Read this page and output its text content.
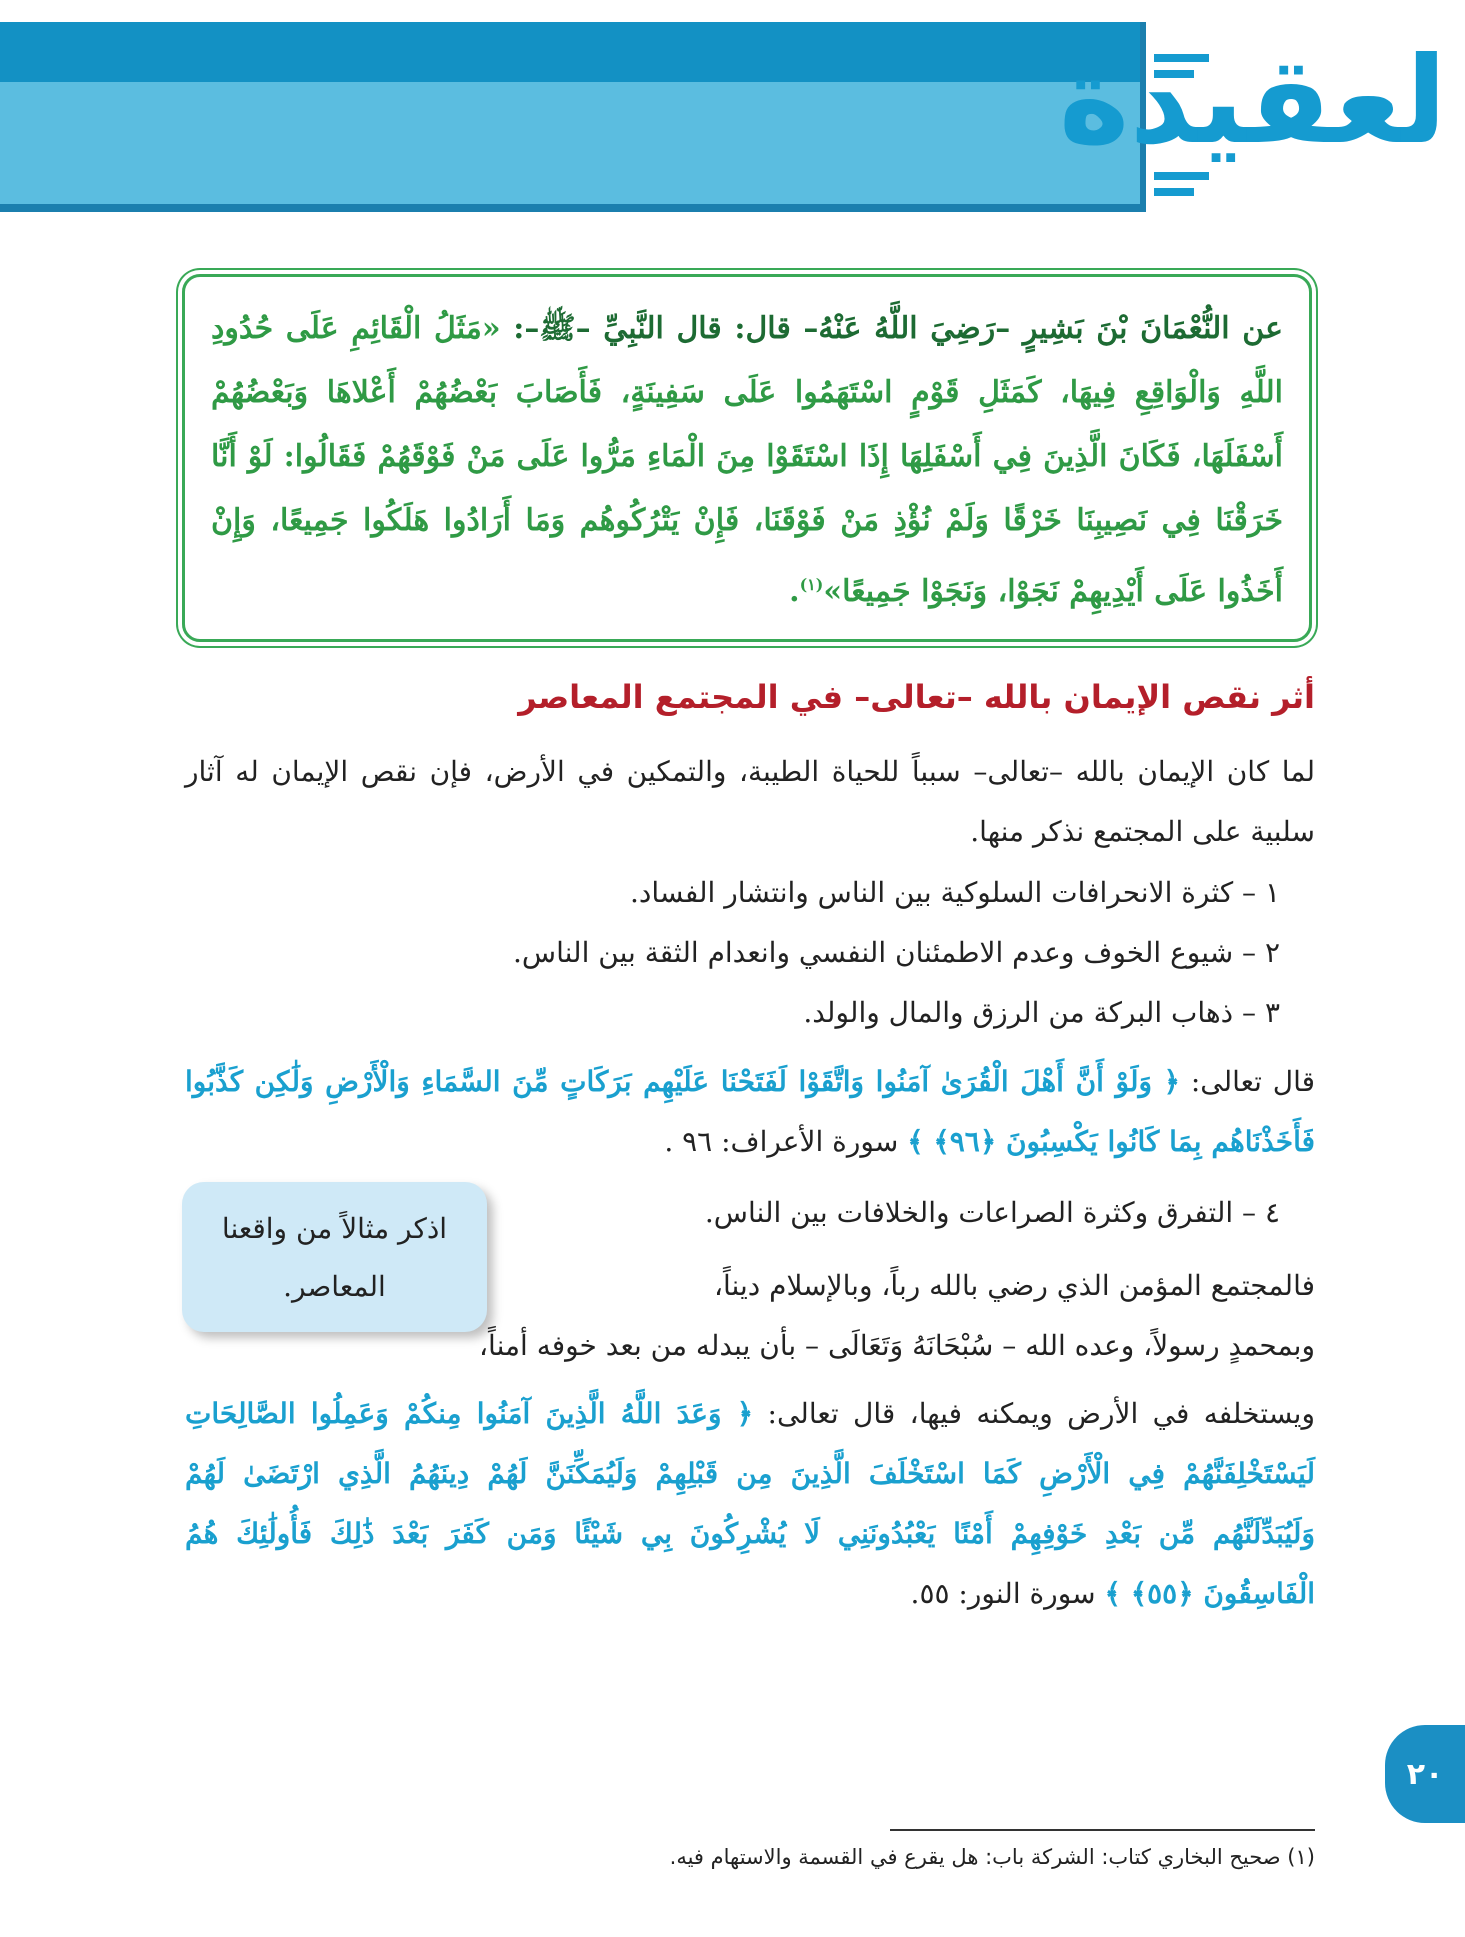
لعقيدة
عن النُّعْمَانَ بْنَ بَشِيرٍ –رَضِيَ اللَّهُ عَنْهُ– قال: قال النَّبِيِّ –ﷺ–: «مَثَلُ الْقَائِمِ عَلَى حُدُودِ اللَّهِ وَالْوَاقِعِ فِيهَا، كَمَثَلِ قَوْمٍ اسْتَهَمُوا عَلَى سَفِينَةٍ، فَأَصَابَ بَعْضُهُمْ أَعْلاهَا وَبَعْضُهُمْ أَسْفَلَهَا، فَكَانَ الَّذِينَ فِي أَسْفَلِهَا إِذَا اسْتَقَوْا مِنَ الْمَاءِ مَرُّوا عَلَى مَنْ فَوْقَهُمْ فَقَالُوا: لَوْ أَنَّا خَرَقْنَا فِي نَصِيبِنَا خَرْقًا وَلَمْ نُؤْذِ مَنْ فَوْقَنَا، فَإِنْ يَتْرُكُوهُم وَمَا أَرَادُوا هَلَكُوا جَمِيعًا، وَإِنْ أَخَذُوا عَلَى أَيْدِيهِمْ نَجَوْا، وَنَجَوْا جَمِيعًا»$^{(١)}$.
أثر نقص الإيمان بالله –تعالى– في المجتمع المعاصر
لما كان الإيمان بالله –تعالى– سبباً للحياة الطيبة، والتمكين في الأرض، فإن نقص الإيمان له آثار سلبية على المجتمع نذكر منها.
١ – كثرة الانحرافات السلوكية بين الناس وانتشار الفساد.
٢ – شيوع الخوف وعدم الاطمئنان النفسي وانعدام الثقة بين الناس.
٣ – ذهاب البركة من الرزق والمال والولد.
قال تعالى: ﴿ وَلَوْ أَنَّ أَهْلَ الْقُرَىٰ آمَنُوا وَاتَّقَوْا لَفَتَحْنَا عَلَيْهِم بَرَكَاتٍ مِّنَ السَّمَاءِ وَالْأَرْضِ وَلَٰكِن كَذَّبُوا فَأَخَذْنَاهُم بِمَا كَانُوا يَكْسِبُونَ ﴿٩٦﴾ ﴾ سورة الأعراف: ٩٦ .
٤ – التفرق وكثرة الصراعات والخلافات بين الناس.
اذكر مثالاً من واقعنا المعاصر.	فالمجتمع المؤمن الذي رضي بالله رباً، وبالإسلام ديناً،
وبمحمدٍ رسولاً، وعده الله – سُبْحَانَهُ وَتَعَالَى – بأن يبدله من بعد خوفه أمناً،
ويستخلفه في الأرض ويمكنه فيها، قال تعالى: ﴿ وَعَدَ اللَّهُ الَّذِينَ آمَنُوا مِنكُمْ وَعَمِلُوا الصَّالِحَاتِ لَيَسْتَخْلِفَنَّهُمْ فِي الْأَرْضِ كَمَا اسْتَخْلَفَ الَّذِينَ مِن قَبْلِهِمْ وَلَيُمَكِّنَنَّ لَهُمْ دِينَهُمُ الَّذِي ارْتَضَىٰ لَهُمْ وَلَيُبَدِّلَنَّهُم مِّن بَعْدِ خَوْفِهِمْ أَمْنًا يَعْبُدُونَنِي لَا يُشْرِكُونَ بِي شَيْئًا وَمَن كَفَرَ بَعْدَ ذَٰلِكَ فَأُولَٰئِكَ هُمُ الْفَاسِقُونَ ﴿٥٥﴾ ﴾ سورة النور: ٥٥.
٢٠
(١) صحيح البخاري كتاب: الشركة باب: هل يقرع في القسمة والاستهام فيه.
